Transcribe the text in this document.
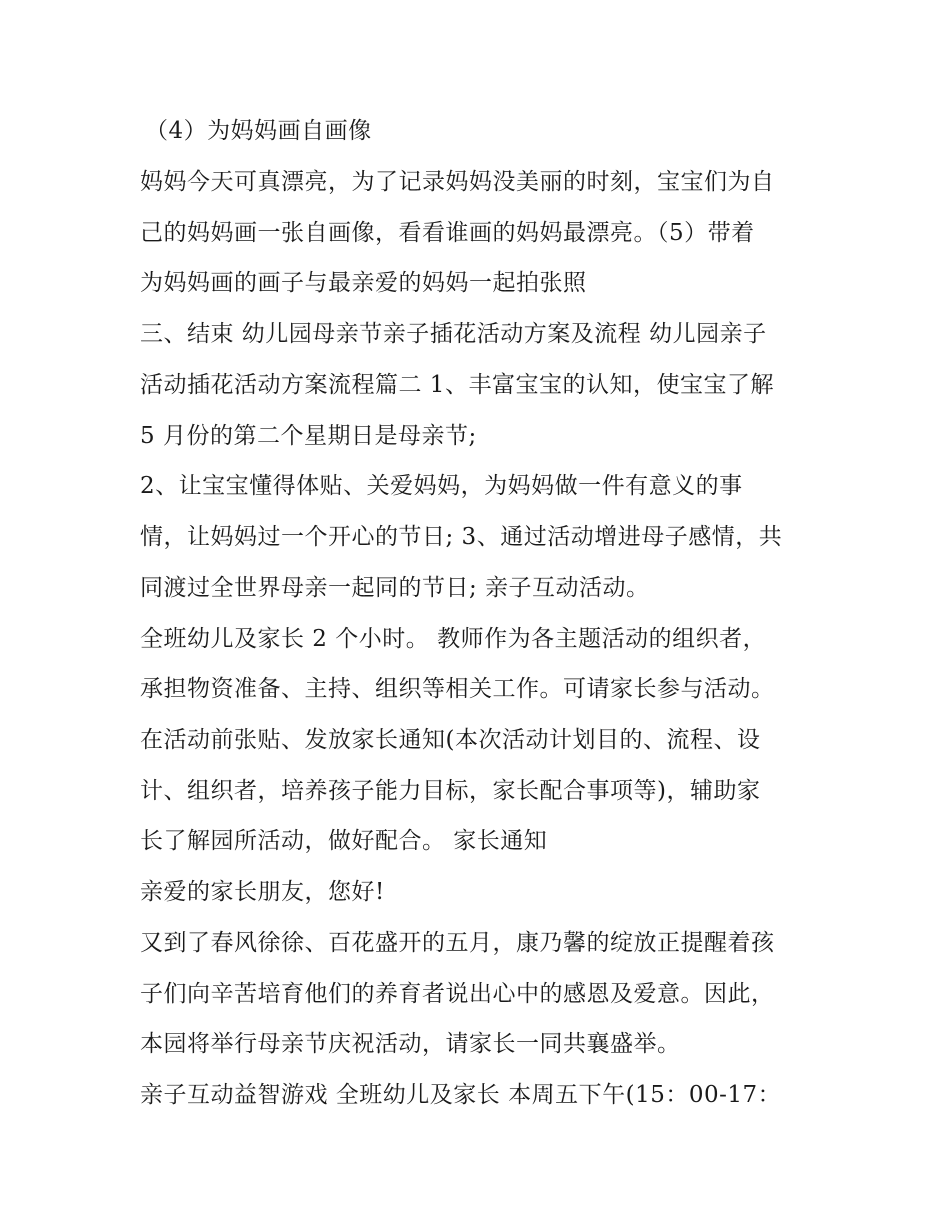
（4）为妈妈画自画像
妈妈今天可真漂亮，为了记录妈妈没美丽的时刻，宝宝们为自
己的妈妈画一张自画像，看看谁画的妈妈最漂亮。（5）带着
为妈妈画的画子与最亲爱的妈妈一起拍张照
三、结束 幼儿园母亲节亲子插花活动方案及流程 幼儿园亲子
活动插花活动方案流程篇二 1、丰富宝宝的认知，使宝宝了解
5 月份的第二个星期日是母亲节;
2、让宝宝懂得体贴、关爱妈妈，为妈妈做一件有意义的事
情，让妈妈过一个开心的节日; 3、通过活动增进母子感情，共
同渡过全世界母亲一起同的节日; 亲子互动活动。
全班幼儿及家长 2 个小时。 教师作为各主题活动的组织者，
承担物资准备、主持、组织等相关工作。可请家长参与活动。
在活动前张贴、发放家长通知(本次活动计划目的、流程、设
计、组织者，培养孩子能力目标，家长配合事项等)，辅助家
长了解园所活动，做好配合。 家长通知
亲爱的家长朋友，您好!
又到了春风徐徐、百花盛开的五月，康乃馨的绽放正提醒着孩
子们向辛苦培育他们的养育者说出心中的感恩及爱意。因此，
本园将举行母亲节庆祝活动，请家长一同共襄盛举。
亲子互动益智游戏 全班幼儿及家长 本周五下午(15：00-17：
